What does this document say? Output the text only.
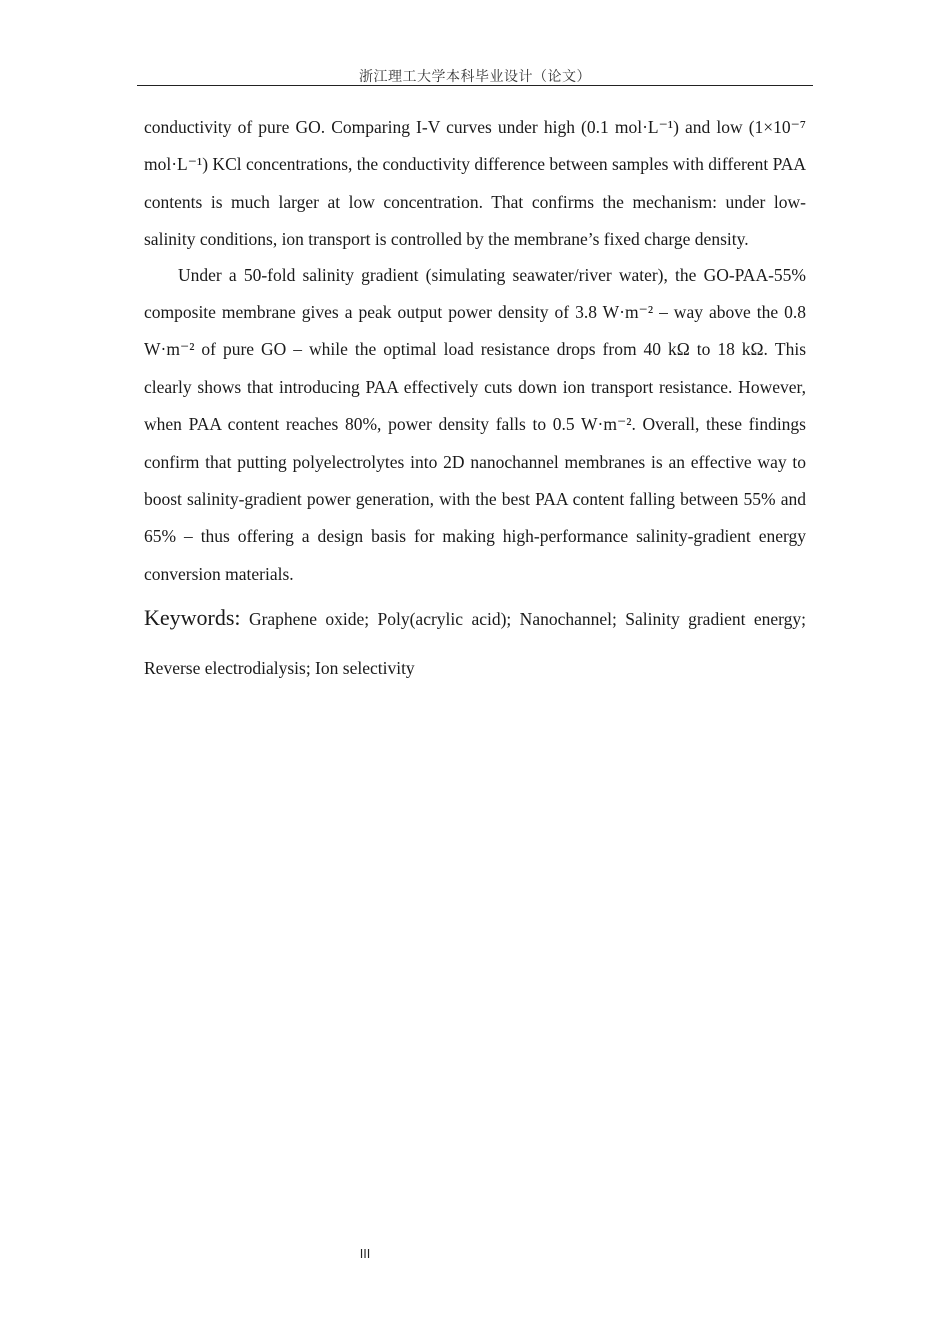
浙江理工大学本科毕业设计（论文）

conductivity of pure GO. Comparing I-V curves under high (0.1 mol·L⁻¹) and low (1×10⁻⁷ mol·L⁻¹) KCl concentrations, the conductivity difference between samples with different PAA contents is much larger at low concentration. That confirms the mechanism: under low-salinity conditions, ion transport is controlled by the membrane’s fixed charge density.

Under a 50-fold salinity gradient (simulating seawater/river water), the GO-PAA-55% composite membrane gives a peak output power density of 3.8 W·m⁻² – way above the 0.8 W·m⁻² of pure GO – while the optimal load resistance drops from 40 kΩ to 18 kΩ. This clearly shows that introducing PAA effectively cuts down ion transport resistance. However, when PAA content reaches 80%, power density falls to 0.5 W·m⁻². Overall, these findings confirm that putting polyelectrolytes into 2D nanochannel membranes is an effective way to boost salinity-gradient power generation, with the best PAA content falling between 55% and 65% – thus offering a design basis for making high-performance salinity-gradient energy conversion materials.

Keywords: Graphene oxide; Poly(acrylic acid); Nanochannel; Salinity gradient energy; Reverse electrodialysis; Ion selectivity

III
